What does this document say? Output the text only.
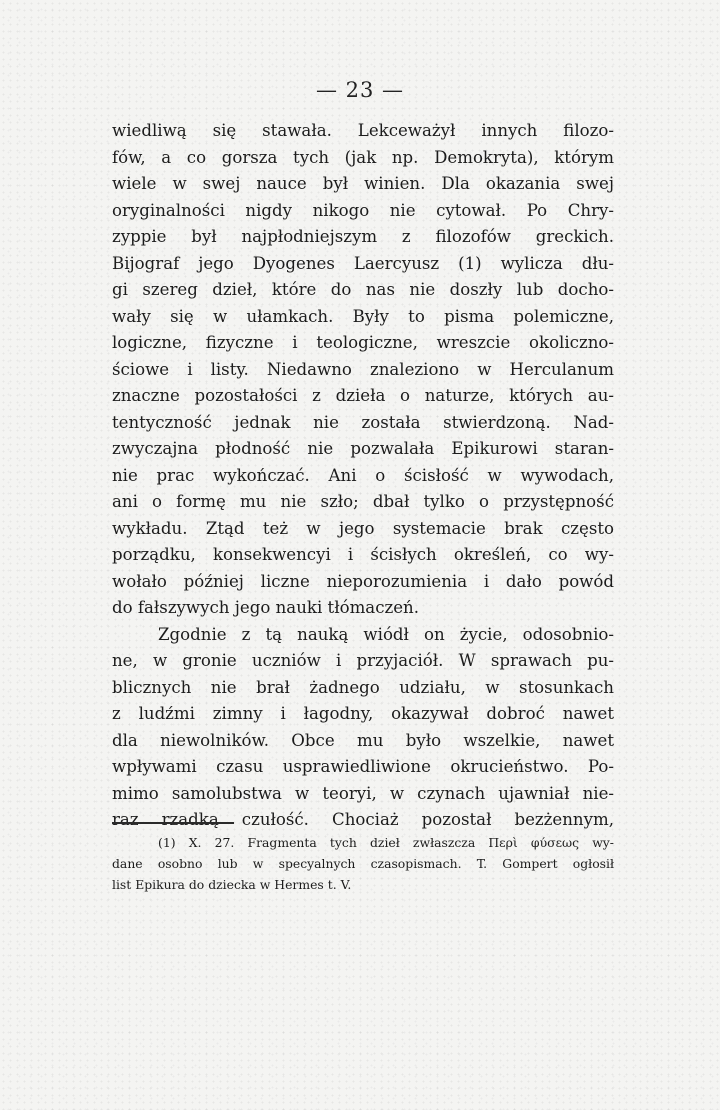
— 23 —
wiedliwą się stawała. Lekceważył innych filozo-
fów, a co gorsza tych (jak np. Demokryta), którym
wiele w swej nauce był winien. Dla okazania swej
oryginalności nigdy nikogo nie cytował. Po Chry-
zyppie był najpłodniejszym z filozofów greckich.
Bijograf jego Dyogenes Laercyusz (1) wylicza dłu-
gi szereg dzieł, które do nas nie doszły lub docho-
wały się w ułamkach. Były to pisma polemiczne,
logiczne, fizyczne i teologiczne, wreszcie okoliczno-
ściowe i listy. Niedawno znaleziono w Herculanum
znaczne pozostałości z dzieła o naturze, których au-
tentyczność jednak nie została stwierdzoną. Nad-
zwyczajna płodność nie pozwalała Epikurowi staran-
nie prac wykończać. Ani o ścisłość w wywodach,
ani o formę mu nie szło; dbał tylko o przystępność
wykładu. Ztąd też w jego systemacie brak często
porządku, konsekwencyi i ścisłych określeń, co wy-
wołało później liczne nieporozumienia i dało powód
do fałszywych jego nauki tłómaczeń.
Zgodnie z tą nauką wiódł on życie, odosobnio-
ne, w gronie uczniów i przyjaciół. W sprawach pu-
blicznych nie brał żadnego udziału, w stosunkach
z ludźmi zimny i łagodny, okazywał dobroć nawet
dla niewolników. Obce mu było wszelkie, nawet
wpływami czasu usprawiedliwione okrucieństwo. Po-
mimo samolubstwa w teoryi, w czynach ujawniał nie-
raz rzadką czułość. Chociaż pozostał bezżennym,
(1) X. 27. Fragmenta tych dzieł zwłaszcza Περὶ φύσεως wy-
dane osobno lub w specyalnych czasopismach. T. Gompert ogłosił
list Epikura do dziecka w Hermes t. V.
